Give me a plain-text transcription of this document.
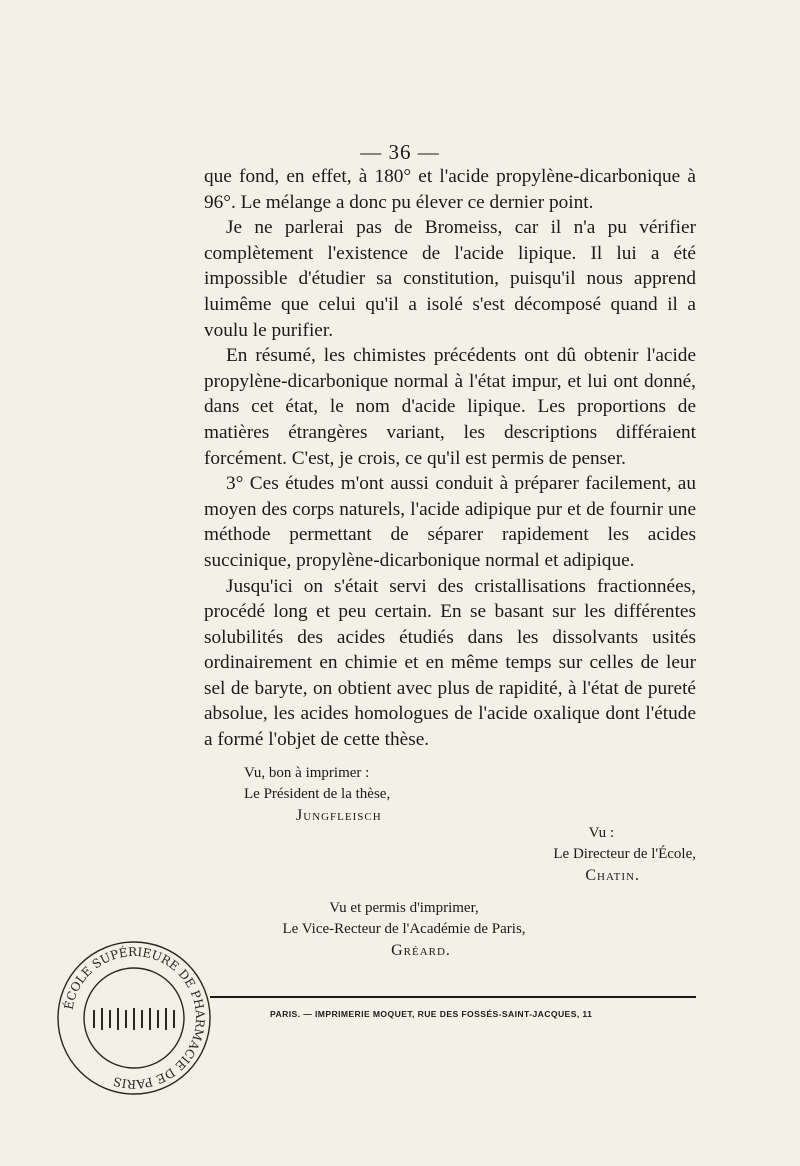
— 36 —

que fond, en effet, à 180° et l'acide propylène-dicarbonique à 96°. Le mélange a donc pu élever ce dernier point.

Je ne parlerai pas de Bromeiss, car il n'a pu vérifier complètement l'existence de l'acide lipique. Il lui a été impossible d'étudier sa constitution, puisqu'il nous apprend luimême que celui qu'il a isolé s'est décomposé quand il a voulu le purifier.

En résumé, les chimistes précédents ont dû obtenir l'acide propylène-dicarbonique normal à l'état impur, et lui ont donné, dans cet état, le nom d'acide lipique. Les proportions de matières étrangères variant, les descriptions différaient forcément. C'est, je crois, ce qu'il est permis de penser.

3° Ces études m'ont aussi conduit à préparer facilement, au moyen des corps naturels, l'acide adipique pur et de fournir une méthode permettant de séparer rapidement les acides succinique, propylène-dicarbonique normal et adipique.

Jusqu'ici on s'était servi des cristallisations fractionnées, procédé long et peu certain. En se basant sur les différentes solubilités des acides étudiés dans les dissolvants usités ordinairement en chimie et en même temps sur celles de leur sel de baryte, on obtient avec plus de rapidité, à l'état de pureté absolue, les acides homologues de l'acide oxalique dont l'étude a formé l'objet de cette thèse.

Vu, bon à imprimer :
Le Président de la thèse,
Jungfleisch
Vu :
Le Directeur de l'École,
Chatin.
Vu et permis d'imprimer,
Le Vice-Recteur de l'Académie de Paris,
Gréard.
PARIS. — IMPRIMERIE MOQUET, RUE DES FOSSÉS-SAINT-JACQUES, 11
ÉCOLE SUPÉRIEURE DE PHARMACIE DE PARIS
